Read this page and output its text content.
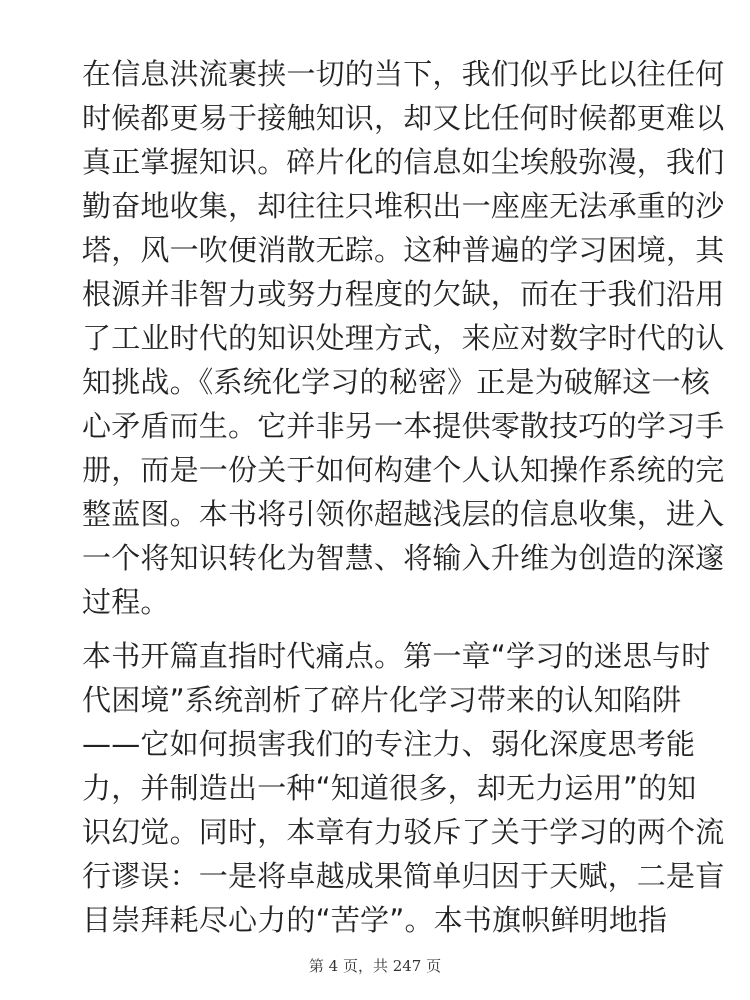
在信息洪流裹挟一切的当下，我们似乎比以往任何
时候都更易于接触知识，却又比任何时候都更难以
真正掌握知识。碎片化的信息如尘埃般弥漫，我们
勤奋地收集，却往往只堆积出一座座无法承重的沙
塔，风一吹便消散无踪。这种普遍的学习困境，其
根源并非智力或努力程度的欠缺，而在于我们沿用
了工业时代的知识处理方式，来应对数字时代的认
知挑战。《系统化学习的秘密》正是为破解这一核
心矛盾而生。它并非另一本提供零散技巧的学习手
册，而是一份关于如何构建个人认知操作系统的完
整蓝图。本书将引领你超越浅层的信息收集，进入
一个将知识转化为智慧、将输入升维为创造的深邃
过程。
本书开篇直指时代痛点。第一章“学习的迷思与时
代困境”系统剖析了碎片化学习带来的认知陷阱
——它如何损害我们的专注力、弱化深度思考能
力，并制造出一种“知道很多，却无力运用”的知
识幻觉。同时，本章有力驳斥了关于学习的两个流
行谬误：一是将卓越成果简单归因于天赋，二是盲
目崇拜耗尽心力的“苦学”。本书旗帜鲜明地指
第 4 页，共 247 页
